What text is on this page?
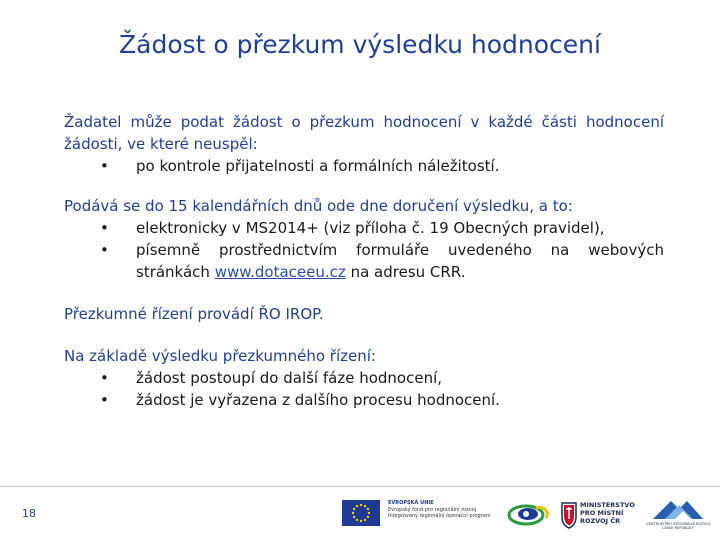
Žádost o přezkum výsledku hodnocení

Žadatel může podat žádost o přezkum hodnocení v každé části hodnocení žádosti, ve které neuspěl:

• po kontrole přijatelnosti a formálních náležitostí.

Podává se do 15 kalendářních dnů ode dne doručení výsledku, a to:

• elektronicky v MS2014+ (viz příloha č. 19 Obecných pravidel),
• písemně prostřednictvím formuláře uvedeného na webových stránkách www.dotaceeu.cz na adresu CRR.

Přezkumné řízení provádí ŘO IROP.

Na základě výsledku přezkumného řízení:

• žádost postoupí do další fáze hodnocení,
• žádost je vyřazena z dalšího procesu hodnocení.
18
EVROPSKÁ UNIE
Evropský fond pro regionální rozvoj
Integrovaný regionální operační program
MINISTERSTVO
PRO MÍSTNÍ
ROZVOJ ČR	CENTRUM PRO REGIONÁLNÍ ROZVOJ
ČESKÉ REPUBLIKY
